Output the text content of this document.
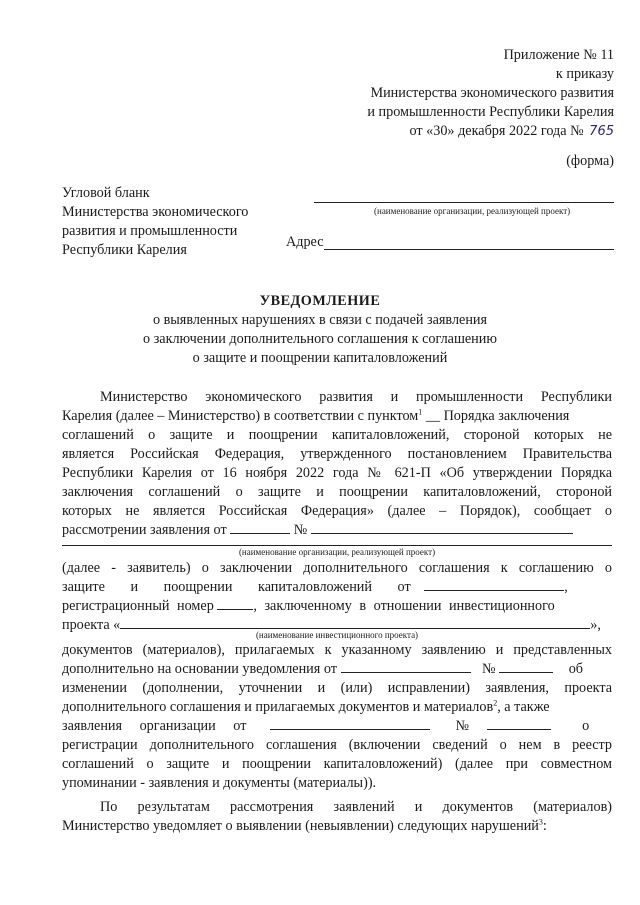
Приложение № 11
к приказу
Министерства экономического развития
и промышленности Республики Карелия
от «30» декабря 2022 года № 765
(форма)
Угловой бланк
Министерства экономического
развития и промышленности
Республики Карелия
(наименование организации, реализующей проект)
Адрес
УВЕДОМЛЕНИЕ
о выявленных нарушениях в связи с подачей заявления
о заключении дополнительного соглашения к соглашению
о защите и поощрении капиталовложений
Министерство экономического развития и промышленности Республики
Карелия (далее – Министерство) в соответствии с пунктом$^1$ __ Порядка заключения
соглашений о защите и поощрении капиталовложений, стороной которых не
является Российская Федерация, утвержденного постановлением Правительства
Республики Карелия от 16 ноября 2022 года № 621-П «Об утверждении Порядка
заключения соглашений о защите и поощрении капиталовложений, стороной
которых не является Российская Федерация» (далее – Порядок), сообщает о
рассмотрении заявления от	№
(наименование организации, реализующей проект)
(далее - заявитель) о заключении дополнительного соглашения к соглашению о
защите и поощрении капиталовложений от	,
регистрационный номер	, заключенному в отношении инвестиционного
проекта «	»,
(наименование инвестиционного проекта)
документов (материалов), прилагаемых к указанному заявлению и представленных
дополнительно на основании уведомления от	№	об
изменении (дополнении, уточнении и (или) исправлении) заявления, проекта
дополнительного соглашения и прилагаемых документов и материалов$^2$, а также
заявления организации от	№	о
регистрации дополнительного соглашения (включении сведений о нем в реестр
соглашений о защите и поощрении капиталовложений) (далее при совместном
упоминании - заявления и документы (материалы)).
По результатам рассмотрения заявлений и документов (материалов)
Министерство уведомляет о выявлении (невыявлении) следующих нарушений$^3$:
